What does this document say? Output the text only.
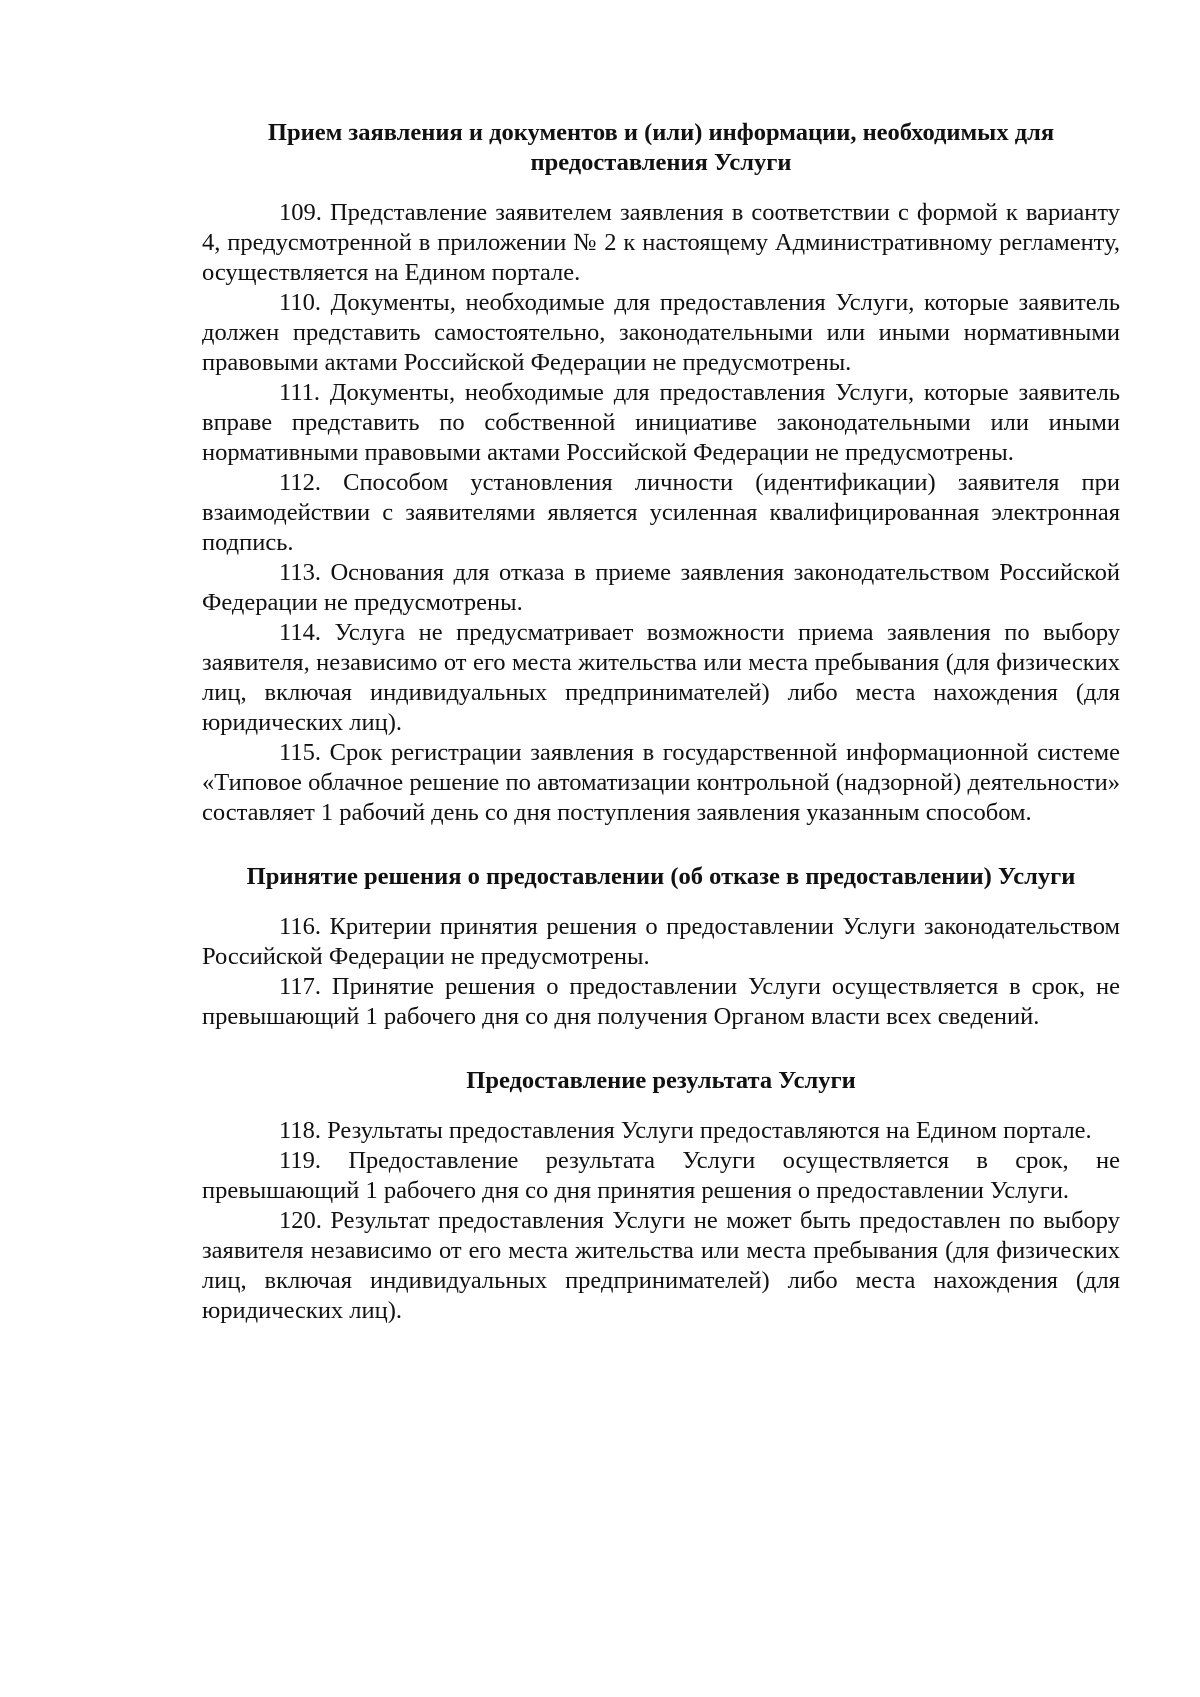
Прием заявления и документов и (или) информации, необходимых для предоставления Услуги

109. Представление заявителем заявления в соответствии с формой к варианту 4, предусмотренной в приложении № 2 к настоящему Административному регламенту, осуществляется на Едином портале.

110. Документы, необходимые для предоставления Услуги, которые заявитель должен представить самостоятельно, законодательными или иными нормативными правовыми актами Российской Федерации не предусмотрены.

111. Документы, необходимые для предоставления Услуги, которые заявитель вправе представить по собственной инициативе законодательными или иными нормативными правовыми актами Российской Федерации не предусмотрены.

112. Способом установления личности (идентификации) заявителя при взаимодействии с заявителями является усиленная квалифицированная электронная подпись.

113. Основания для отказа в приеме заявления законодательством Российской Федерации не предусмотрены.

114. Услуга не предусматривает возможности приема заявления по выбору заявителя, независимо от его места жительства или места пребывания (для физических лиц, включая индивидуальных предпринимателей) либо места нахождения (для юридических лиц).

115. Срок регистрации заявления в государственной информационной системе «Типовое облачное решение по автоматизации контрольной (надзорной) деятельности» составляет 1 рабочий день со дня поступления заявления указанным способом.

Принятие решения о предоставлении (об отказе в предоставлении) Услуги

116. Критерии принятия решения о предоставлении Услуги законодательством Российской Федерации не предусмотрены.

117. Принятие решения о предоставлении Услуги осуществляется в срок, не превышающий 1 рабочего дня со дня получения Органом власти всех сведений.

Предоставление результата Услуги

118. Результаты предоставления Услуги предоставляются на Едином портале.

119. Предоставление результата Услуги осуществляется в срок, не превышающий 1 рабочего дня со дня принятия решения о предоставлении Услуги.

120. Результат предоставления Услуги не может быть предоставлен по выбору заявителя независимо от его места жительства или места пребывания (для физических лиц, включая индивидуальных предпринимателей) либо места нахождения (для юридических лиц).
